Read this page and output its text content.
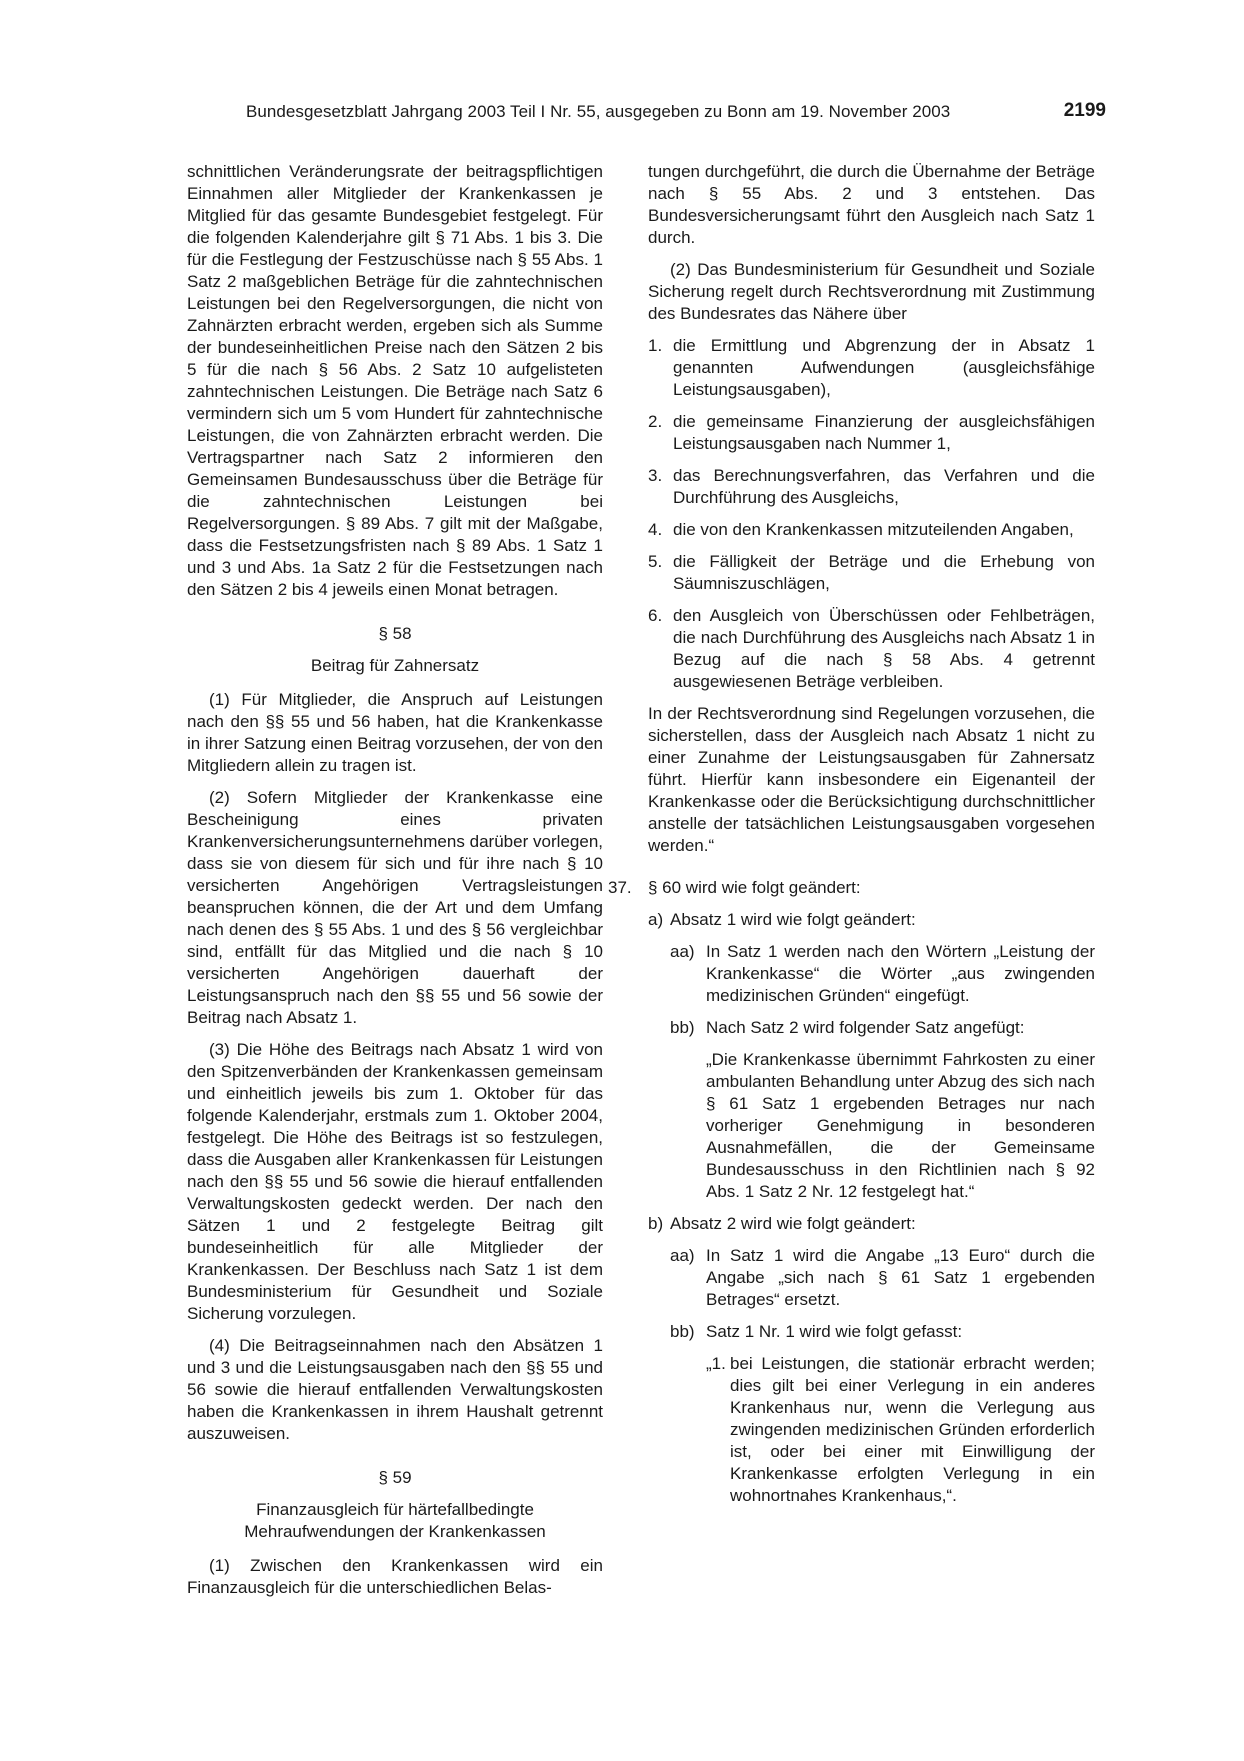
Bundesgesetzblatt Jahrgang 2003 Teil I Nr. 55, ausgegeben zu Bonn am 19. November 2003	2199

schnittlichen Veränderungsrate der beitragspflichtigen Einnahmen aller Mitglieder der Krankenkassen je Mitglied für das gesamte Bundesgebiet festgelegt. Für die folgenden Kalenderjahre gilt § 71 Abs. 1 bis 3. Die für die Festlegung der Festzuschüsse nach § 55 Abs. 1 Satz 2 maßgeblichen Beträge für die zahntechnischen Leistungen bei den Regelversorgungen, die nicht von Zahnärzten erbracht werden, ergeben sich als Summe der bundeseinheitlichen Preise nach den Sätzen 2 bis 5 für die nach § 56 Abs. 2 Satz 10 aufgelisteten zahntechnischen Leistungen. Die Beträge nach Satz 6 vermindern sich um 5 vom Hundert für zahntechnische Leistungen, die von Zahnärzten erbracht werden. Die Vertragspartner nach Satz 2 informieren den Gemeinsamen Bundesausschuss über die Beträge für die zahntechnischen Leistungen bei Regelversorgungen. § 89 Abs. 7 gilt mit der Maßgabe, dass die Festsetzungsfristen nach § 89 Abs. 1 Satz 1 und 3 und Abs. 1a Satz 2 für die Festsetzungen nach den Sätzen 2 bis 4 jeweils einen Monat betragen.

§ 58

Beitrag für Zahnersatz

(1) Für Mitglieder, die Anspruch auf Leistungen nach den §§ 55 und 56 haben, hat die Krankenkasse in ihrer Satzung einen Beitrag vorzusehen, der von den Mitgliedern allein zu tragen ist.

(2) Sofern Mitglieder der Krankenkasse eine Bescheinigung eines privaten Krankenversicherungsunternehmens darüber vorlegen, dass sie von diesem für sich und für ihre nach § 10 versicherten Angehörigen Vertragsleistungen beanspruchen können, die der Art und dem Umfang nach denen des § 55 Abs. 1 und des § 56 vergleichbar sind, entfällt für das Mitglied und die nach § 10 versicherten Angehörigen dauerhaft der Leistungsanspruch nach den §§ 55 und 56 sowie der Beitrag nach Absatz 1.

(3) Die Höhe des Beitrags nach Absatz 1 wird von den Spitzenverbänden der Krankenkassen gemeinsam und einheitlich jeweils bis zum 1. Oktober für das folgende Kalenderjahr, erstmals zum 1. Oktober 2004, festgelegt. Die Höhe des Beitrags ist so festzulegen, dass die Ausgaben aller Krankenkassen für Leistungen nach den §§ 55 und 56 sowie die hierauf entfallenden Verwaltungskosten gedeckt werden. Der nach den Sätzen 1 und 2 festgelegte Beitrag gilt bundeseinheitlich für alle Mitglieder der Krankenkassen. Der Beschluss nach Satz 1 ist dem Bundesministerium für Gesundheit und Soziale Sicherung vorzulegen.

(4) Die Beitragseinnahmen nach den Absätzen 1 und 3 und die Leistungsausgaben nach den §§ 55 und 56 sowie die hierauf entfallenden Verwaltungskosten haben die Krankenkassen in ihrem Haushalt getrennt auszuweisen.

§ 59

Finanzausgleich für härtefallbedingte

Mehraufwendungen der Krankenkassen

(1) Zwischen den Krankenkassen wird ein Finanzausgleich für die unterschiedlichen Belas-

tungen durchgeführt, die durch die Übernahme der Beträge nach § 55 Abs. 2 und 3 entstehen. Das Bundesversicherungsamt führt den Ausgleich nach Satz 1 durch.

(2) Das Bundesministerium für Gesundheit und Soziale Sicherung regelt durch Rechtsverordnung mit Zustimmung des Bundesrates das Nähere über

1. die Ermittlung und Abgrenzung der in Absatz 1 genannten Aufwendungen (ausgleichsfähige Leistungsausgaben),
2. die gemeinsame Finanzierung der ausgleichsfähigen Leistungsausgaben nach Nummer 1,
3. das Berechnungsverfahren, das Verfahren und die Durchführung des Ausgleichs,
4. die von den Krankenkassen mitzuteilenden Angaben,
5. die Fälligkeit der Beträge und die Erhebung von Säumniszuschlägen,
6. den Ausgleich von Überschüssen oder Fehlbeträgen, die nach Durchführung des Ausgleichs nach Absatz 1 in Bezug auf die nach § 58 Abs. 4 getrennt ausgewiesenen Beträge verbleiben.

In der Rechtsverordnung sind Regelungen vorzusehen, die sicherstellen, dass der Ausgleich nach Absatz 1 nicht zu einer Zunahme der Leistungsausgaben für Zahnersatz führt. Hierfür kann insbesondere ein Eigenanteil der Krankenkasse oder die Berücksichtigung durchschnittlicher anstelle der tatsächlichen Leistungsausgaben vorgesehen werden.“

37. § 60 wird wie folgt geändert:

a) Absatz 1 wird wie folgt geändert:

aa) In Satz 1 werden nach den Wörtern „Leistung der Krankenkasse“ die Wörter „aus zwingenden medizinischen Gründen“ eingefügt.
bb) Nach Satz 2 wird folgender Satz angefügt:

„Die Krankenkasse übernimmt Fahrkosten zu einer ambulanten Behandlung unter Abzug des sich nach § 61 Satz 1 ergebenden Betrages nur nach vorheriger Genehmigung in besonderen Ausnahmefällen, die der Gemeinsame Bundesausschuss in den Richtlinien nach § 92 Abs. 1 Satz 2 Nr. 12 festgelegt hat.“

b) Absatz 2 wird wie folgt geändert:

aa) In Satz 1 wird die Angabe „13 Euro“ durch die Angabe „sich nach § 61 Satz 1 ergebenden Betrages“ ersetzt.
bb) Satz 1 Nr. 1 wird wie folgt gefasst:

„1. bei Leistungen, die stationär erbracht werden; dies gilt bei einer Verlegung in ein anderes Krankenhaus nur, wenn die Verlegung aus zwingenden medizinischen Gründen erforderlich ist, oder bei einer mit Einwilligung der Krankenkasse erfolgten Verlegung in ein wohnortnahes Krankenhaus,“.
